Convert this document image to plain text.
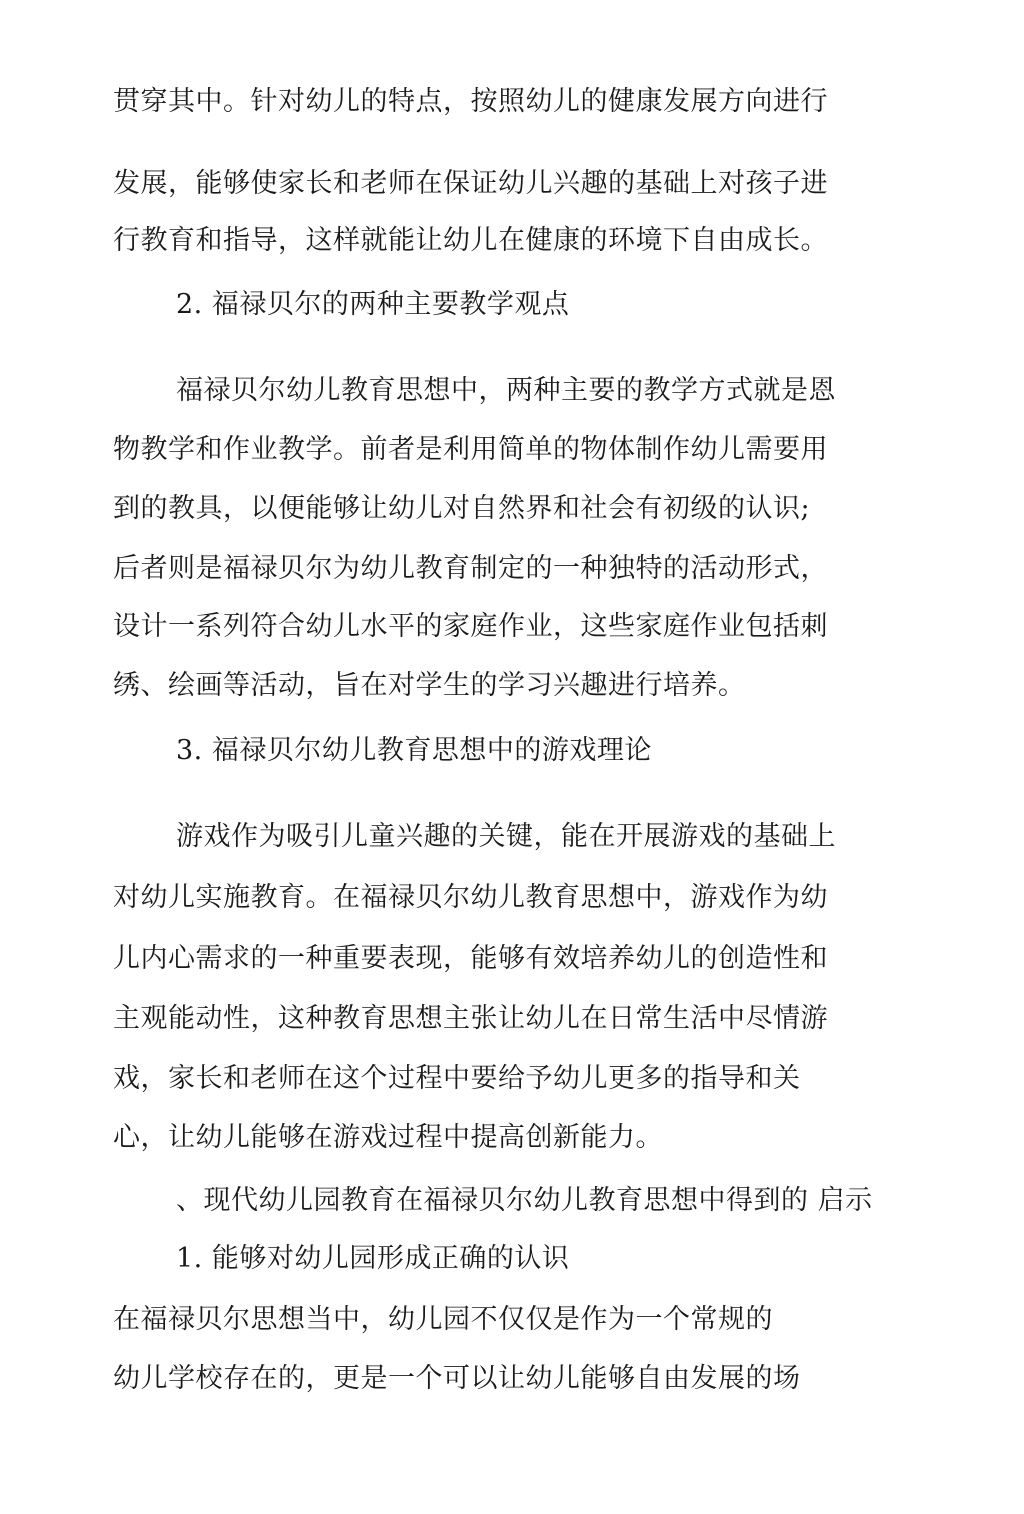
贯穿其中。针对幼儿的特点，按照幼儿的健康发展方向进行
发展，能够使家长和老师在保证幼儿兴趣的基础上对孩子进
行教育和指导，这样就能让幼儿在健康的环境下自由成长。
2. 福禄贝尔的两种主要教学观点
福禄贝尔幼儿教育思想中，两种主要的教学方式就是恩
物教学和作业教学。前者是利用简单的物体制作幼儿需要用
到的教具，以便能够让幼儿对自然界和社会有初级的认识;
后者则是福禄贝尔为幼儿教育制定的一种独特的活动形式，
设计一系列符合幼儿水平的家庭作业，这些家庭作业包括刺
绣、绘画等活动，旨在对学生的学习兴趣进行培养。
3. 福禄贝尔幼儿教育思想中的游戏理论
游戏作为吸引儿童兴趣的关键，能在开展游戏的基础上
对幼儿实施教育。在福禄贝尔幼儿教育思想中，游戏作为幼
儿内心需求的一种重要表现，能够有效培养幼儿的创造性和
主观能动性，这种教育思想主张让幼儿在日常生活中尽情游
戏，家长和老师在这个过程中要给予幼儿更多的指导和关
心，让幼儿能够在游戏过程中提高创新能力。
、现代幼儿园教育在福禄贝尔幼儿教育思想中得到的 启示
1. 能够对幼儿园形成正确的认识
在福禄贝尔思想当中，幼儿园不仅仅是作为一个常规的
幼儿学校存在的，更是一个可以让幼儿能够自由发展的场
